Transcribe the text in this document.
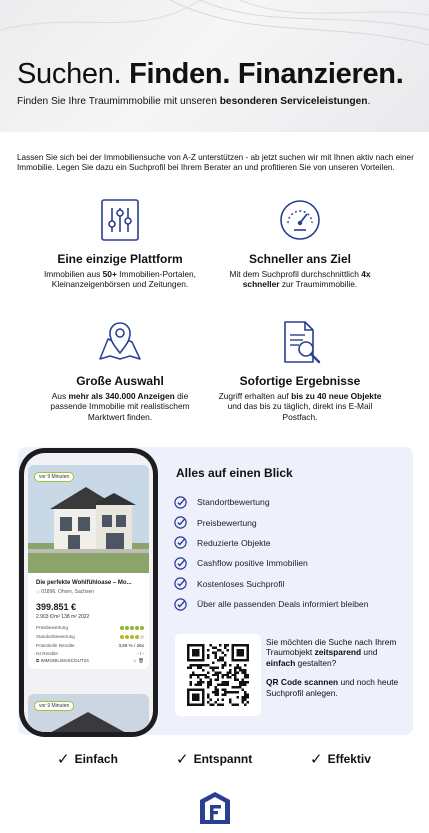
Suchen. Finden. Finanzieren.

Finden Sie Ihre Traumimmobilie mit unseren besonderen Serviceleistungen.

Lassen Sie sich bei der Immobiliensuche von A-Z unterstützen - ab jetzt suchen wir mit Ihnen aktiv nach einer Immobilie. Legen Sie dazu ein Suchprofil bei Ihrem Berater an und profitieren Sie von unseren Vorteilen.
Eine einzige Plattform
Immobilien aus 50+ Immobilien-Portalen, Kleinanzeigenbörsen und Zeitungen.
Schneller ans Ziel
Mit dem Suchprofil durchschnittlich 4x schneller zur Traumimmobilie.
Große Auswahl
Aus mehr als 340.000 Anzeigen die passende Immobilie mit realistischem Marktwert finden.
Sofortige Ergebnisse
Zugriff erhalten auf bis zu 40 neue Objekte und das bis zu täglich, direkt ins E-Mail Postfach.
Alles auf einen Blick
Standortbewertung
Preisbewertung
Reduzierte Objekte
Cashflow positive Immobilien
Kostenloses Suchprofil
Über alle passenden Deals informiert bleiben
Sie möchten die Suche nach Ihrem Traumobjekt zeitsparend und einfach gestalten?
QR Code scannen und noch heute Suchprofil anlegen.
vor 9 Minuten
Die perfekte Wohlfühloase – Mo...
◇ 01896, Ohorn, Sachsen
399.851 €
2.903 €/m² 138 m² 2022
Preisbewertung
Standortbewertung
Potentielle Rendite	3,86 % / 26x
Ist Rendite	- / -
⧉ IMMOBILIENSCOUT24	☆ 🗑
vor 9 Minuten
✓ Einfach	✓ Entspannt	✓ Effektiv
